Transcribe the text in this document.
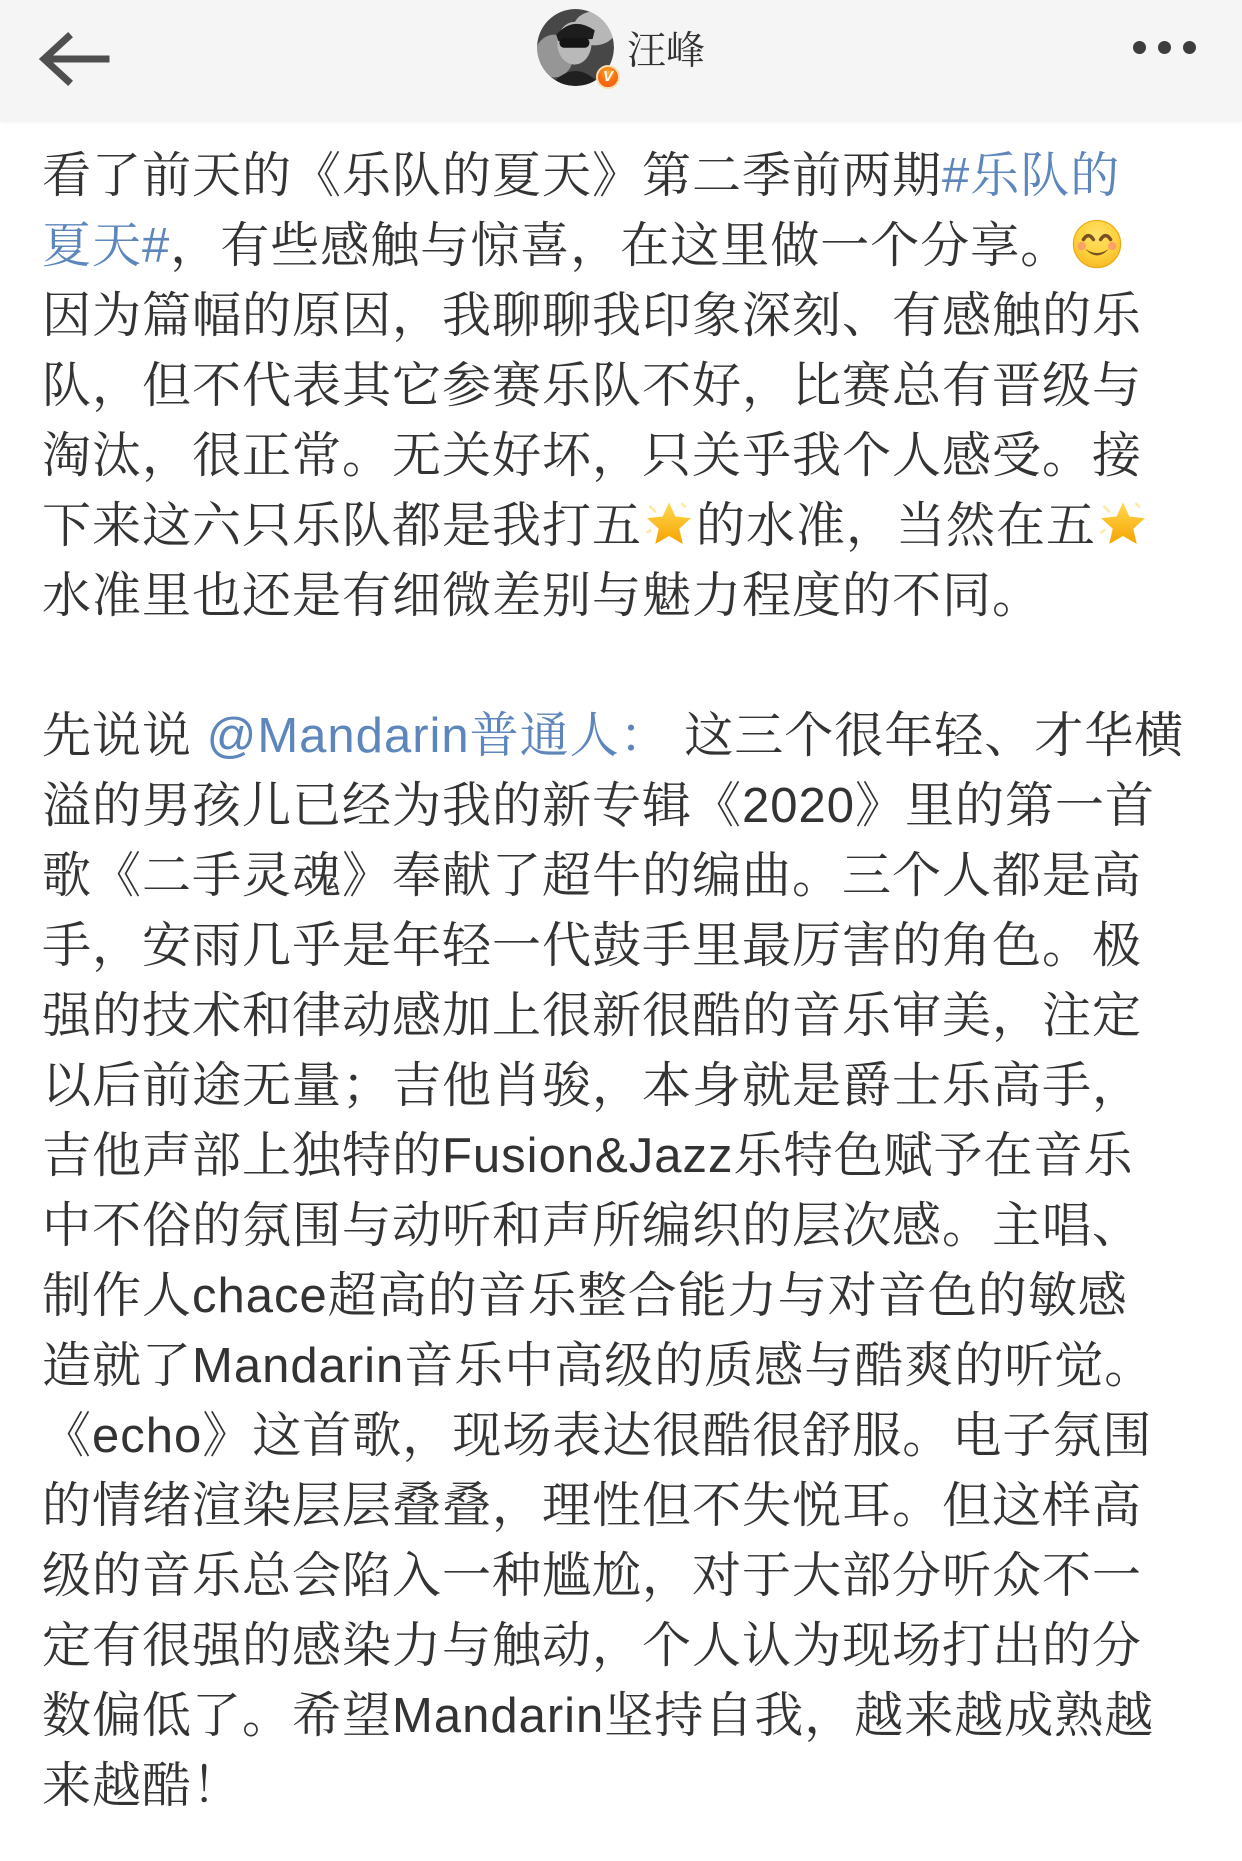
V
汪峰
看了前天的《乐队的夏天》第二季前两期#乐队的
夏天#，有些感触与惊喜，在这里做一个分享。
因为篇幅的原因，我聊聊我印象深刻、有感触的乐
队，但不代表其它参赛乐队不好，比赛总有晋级与
淘汰，很正常。无关好坏，只关乎我个人感受。接
下来这六只乐队都是我打五 的水准，当然在五
水准里也还是有细微差别与魅力程度的不同。
先说说 @Mandarin普通人： 这三个很年轻、才华横
溢的男孩儿已经为我的新专辑《2020》里的第一首
歌《二手灵魂》奉献了超牛的编曲。三个人都是高
手，安雨几乎是年轻一代鼓手里最厉害的角色。极
强的技术和律动感加上很新很酷的音乐审美，注定
以后前途无量；吉他肖骏，本身就是爵士乐高手，
吉他声部上独特的Fusion&Jazz乐特色赋予在音乐
中不俗的氛围与动听和声所编织的层次感。主唱、
制作人chace超高的音乐整合能力与对音色的敏感
造就了Mandarin音乐中高级的质感与酷爽的听觉。
《echo》这首歌，现场表达很酷很舒服。电子氛围
的情绪渲染层层叠叠，理性但不失悦耳。但这样高
级的音乐总会陷入一种尴尬，对于大部分听众不一
定有很强的感染力与触动，个人认为现场打出的分
数偏低了。希望Mandarin坚持自我，越来越成熟越
来越酷！
